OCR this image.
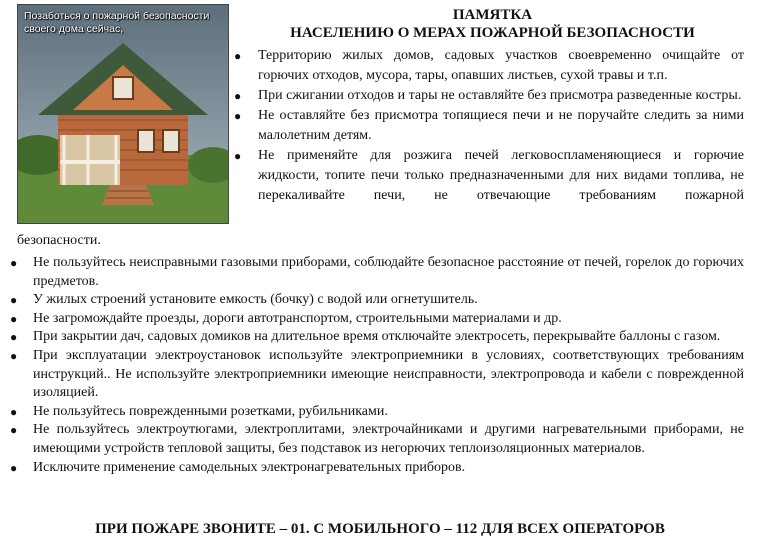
Позаботься о пожарной безопасности своего дома сейчас,
ПАМЯТКА
НАСЕЛЕНИЮ О МЕРАХ ПОЖАРНОЙ БЕЗОПАСНОСТИ
● Территорию жилых домов, садовых участков своевременно очищайте от горючих отходов, мусора, тары, опавших листьев, сухой травы и т.п.
● При сжигании отходов и тары не оставляйте без присмотра разведенные костры.
● Не оставляйте без присмотра топящиеся печи и не поручайте следить за ними малолетним детям.
● Не применяйте для розжига печей легковоспламеняющиеся и горючие жидкости, топите печи только предназначенными для них видами топлива, не перекаливайте печи, не отвечающие требованиям пожарной
безопасности.
● Не пользуйтесь неисправными газовыми приборами, соблюдайте безопасное расстояние от печей, горелок до горючих предметов.
● У жилых строений установите емкость (бочку) с водой или огнетушитель.
● Не загромождайте проезды, дороги автотранспортом, строительными материалами и др.
● При закрытии дач, садовых домиков на длительное время отключайте электросеть, перекрывайте баллоны с газом.
● При эксплуатации электроустановок используйте электроприемники в условиях, соответствующих требованиям инструкций.. Не используйте электроприемники имеющие неисправности, электропровода и кабели с поврежденной изоляцией.
● Не пользуйтесь поврежденными розетками, рубильниками.
● Не пользуйтесь электроутюгами, электроплитами, электрочайниками и другими нагревательными приборами, не имеющими устройств тепловой защиты, без подставок из негорючих теплоизоляционных материалов.
● Исключите применение самодельных электронагревательных приборов.
ПРИ ПОЖАРЕ ЗВОНИТЕ – 01. С МОБИЛЬНОГО – 112 ДЛЯ ВСЕХ ОПЕРАТОРОВ
